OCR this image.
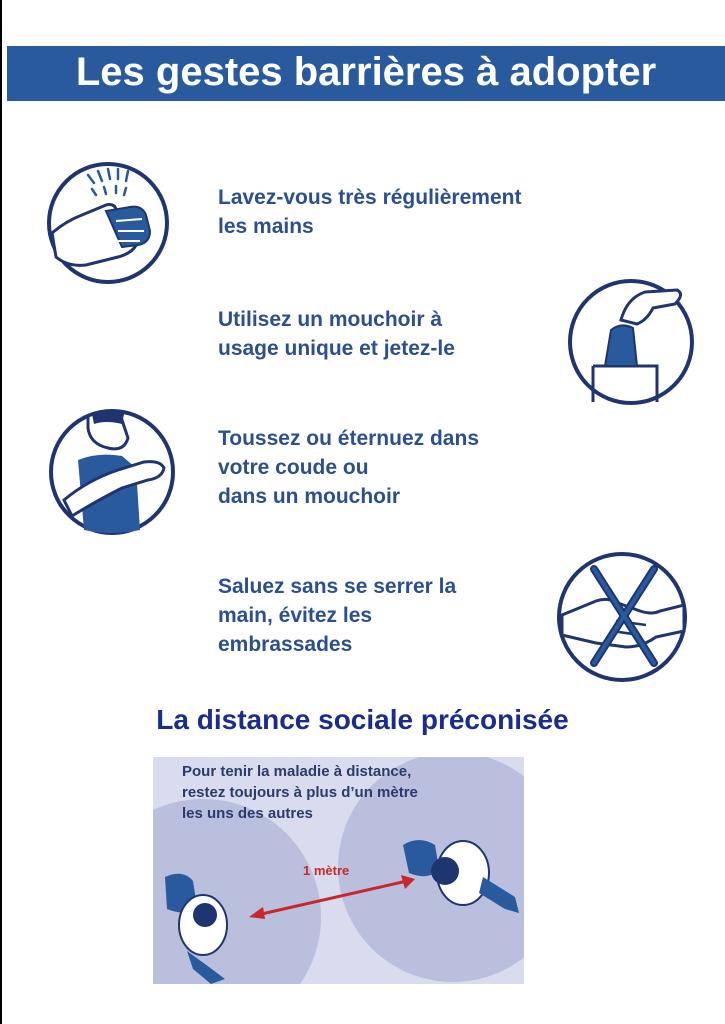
Les gestes barrières à adopter

Lavez-vous très régulièrement
les mains

Utilisez un mouchoir à
usage unique et jetez-le

Toussez ou éternuez dans
votre coude ou
dans un mouchoir

Saluez sans se serrer la
main, évitez les
embrassades

La distance sociale préconisée

Pour tenir la maladie à distance,
restez toujours à plus d’un mètre
les uns des autres

1 mètre
